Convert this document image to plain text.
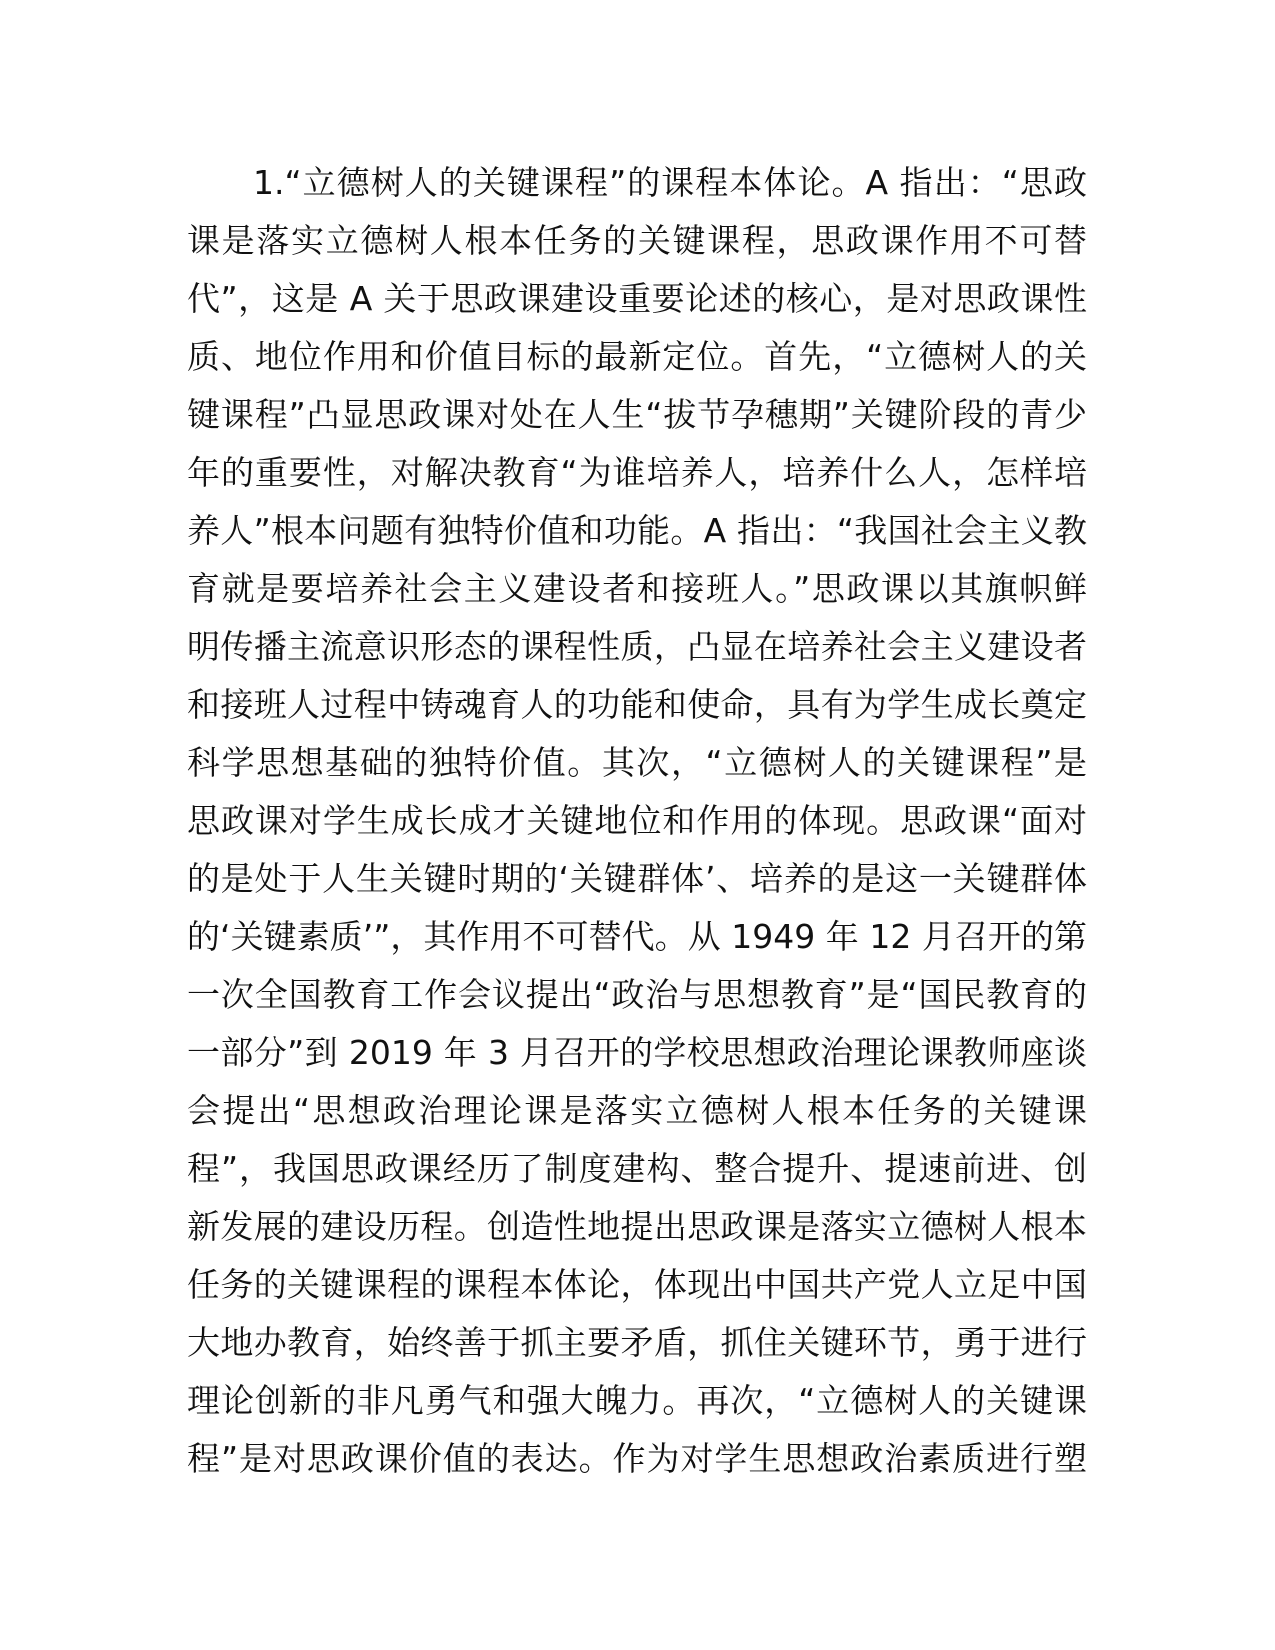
1.“立德树人的关键课程”的课程本体论。A 指出：“思政
课是落实立德树人根本任务的关键课程，思政课作用不可替
代”，这是 A 关于思政课建设重要论述的核心，是对思政课性
质、地位作用和价值目标的最新定位。首先，“立德树人的关
键课程”凸显思政课对处在人生“拔节孕穗期”关键阶段的青少
年的重要性，对解决教育“为谁培养人，培养什么人，怎样培
养人”根本问题有独特价值和功能。A 指出：“我国社会主义教
育就是要培养社会主义建设者和接班人。”思政课以其旗帜鲜
明传播主流意识形态的课程性质，凸显在培养社会主义建设者
和接班人过程中铸魂育人的功能和使命，具有为学生成长奠定
科学思想基础的独特价值。其次，“立德树人的关键课程”是
思政课对学生成长成才关键地位和作用的体现。思政课“面对
的是处于人生关键时期的‘关键群体’、培养的是这一关键群体
的‘关键素质’”，其作用不可替代。从 1949 年 12 月召开的第
一次全国教育工作会议提出“政治与思想教育”是“国民教育的
一部分”到 2019 年 3 月召开的学校思想政治理论课教师座谈
会提出“思想政治理论课是落实立德树人根本任务的关键课
程”，我国思政课经历了制度建构、整合提升、提速前进、创
新发展的建设历程。创造性地提出思政课是落实立德树人根本
任务的关键课程的课程本体论，体现出中国共产党人立足中国
大地办教育，始终善于抓主要矛盾，抓住关键环节，勇于进行
理论创新的非凡勇气和强大魄力。再次，“立德树人的关键课
程”是对思政课价值的表达。作为对学生思想政治素质进行塑
